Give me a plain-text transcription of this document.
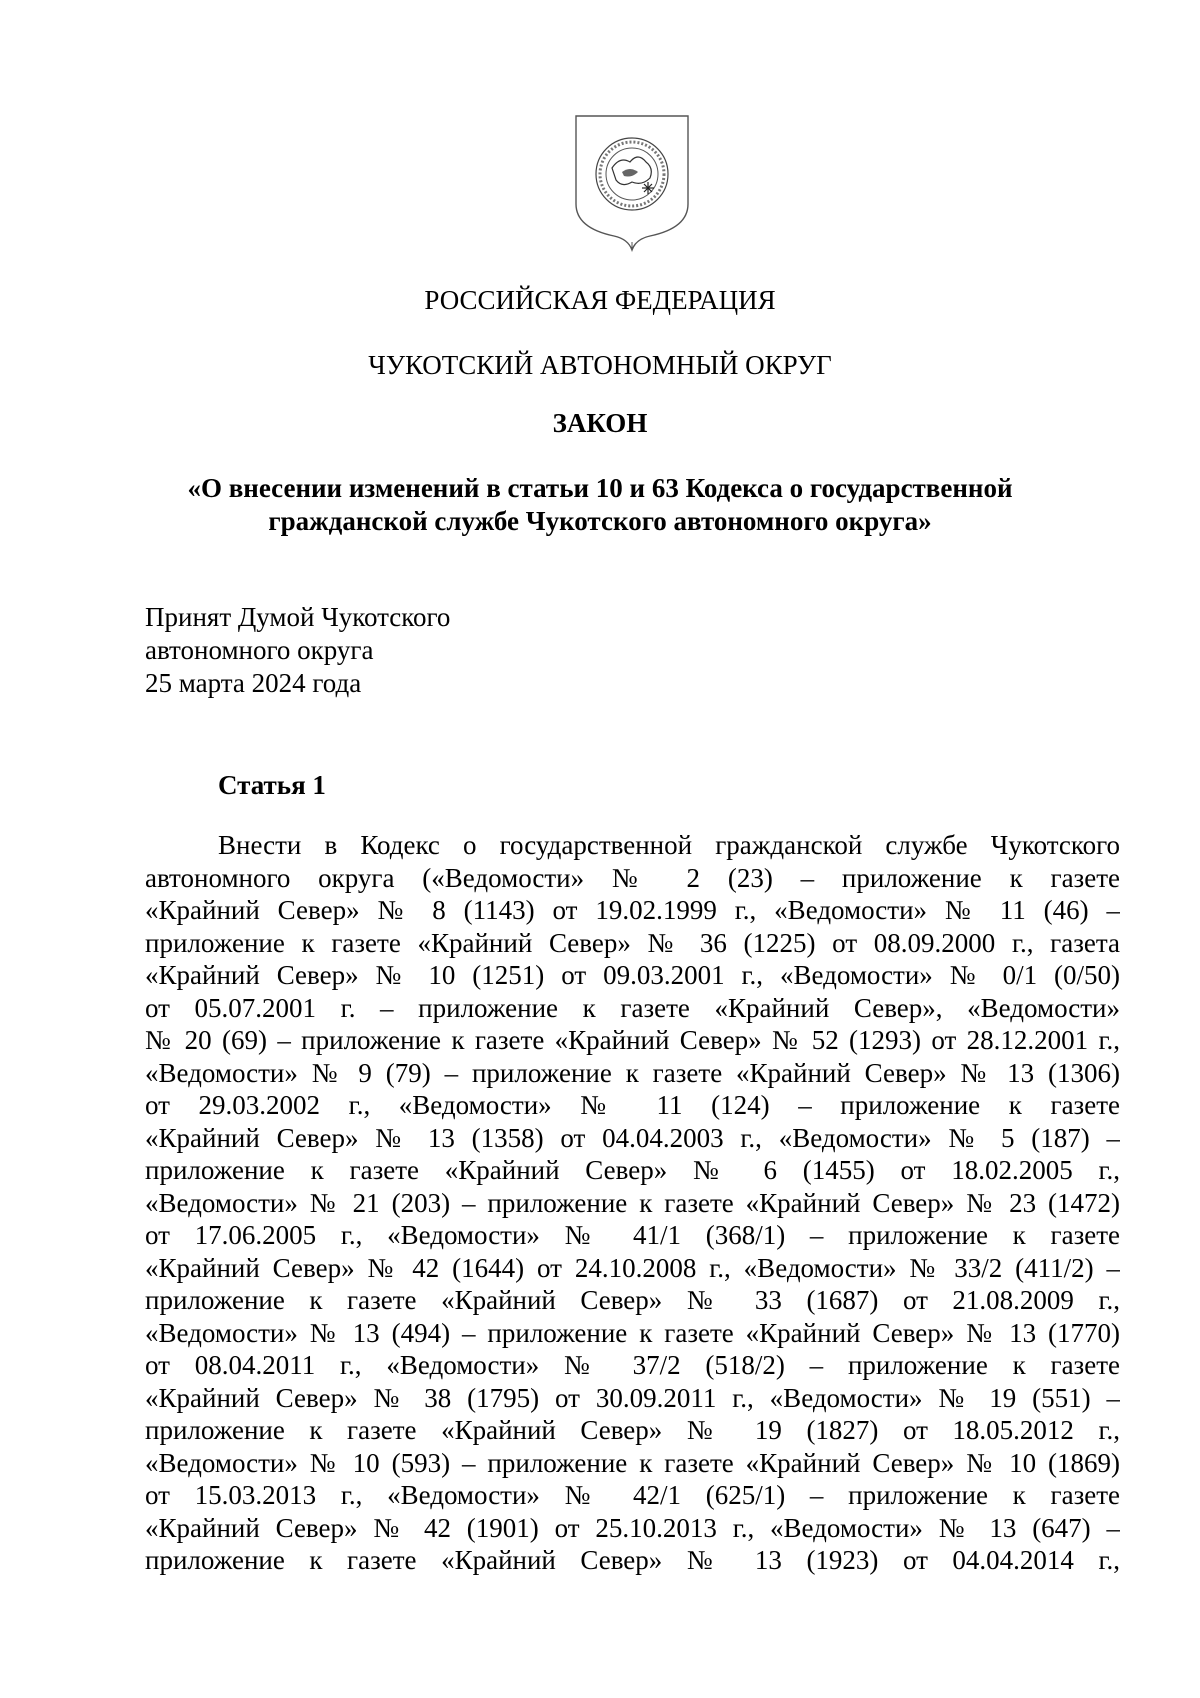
РОССИЙСКАЯ ФЕДЕРАЦИЯ
ЧУКОТСКИЙ АВТОНОМНЫЙ ОКРУГ
ЗАКОН
«О внесении изменений в статьи 10 и 63 Кодекса о государственной
гражданской службе Чукотского автономного округа»
Принят Думой Чукотского
автономного округа
25 марта 2024 года
Статья 1
Внести в Кодекс о государственной гражданской службе Чукотского
автономного округа («Ведомости» № 2 (23) – приложение к газете
«Крайний Север» № 8 (1143) от 19.02.1999 г., «Ведомости» № 11 (46) –
приложение к газете «Крайний Север» № 36 (1225) от 08.09.2000 г., газета
«Крайний Север» № 10 (1251) от 09.03.2001 г., «Ведомости» № 0/1 (0/50)
от 05.07.2001 г. – приложение к газете «Крайний Север», «Ведомости»
№ 20 (69) – приложение к газете «Крайний Север» № 52 (1293) от 28.12.2001 г.,
«Ведомости» № 9 (79) – приложение к газете «Крайний Север» № 13 (1306)
от 29.03.2002 г., «Ведомости» № 11 (124) – приложение к газете
«Крайний Север» № 13 (1358) от 04.04.2003 г., «Ведомости» № 5 (187) –
приложение к газете «Крайний Север» № 6 (1455) от 18.02.2005 г.,
«Ведомости» № 21 (203) – приложение к газете «Крайний Север» № 23 (1472)
от 17.06.2005 г., «Ведомости» № 41/1 (368/1) – приложение к газете
«Крайний Север» № 42 (1644) от 24.10.2008 г., «Ведомости» № 33/2 (411/2) –
приложение к газете «Крайний Север» № 33 (1687) от 21.08.2009 г.,
«Ведомости» № 13 (494) – приложение к газете «Крайний Север» № 13 (1770)
от 08.04.2011 г., «Ведомости» № 37/2 (518/2) – приложение к газете
«Крайний Север» № 38 (1795) от 30.09.2011 г., «Ведомости» № 19 (551) –
приложение к газете «Крайний Север» № 19 (1827) от 18.05.2012 г.,
«Ведомости» № 10 (593) – приложение к газете «Крайний Север» № 10 (1869)
от 15.03.2013 г., «Ведомости» № 42/1 (625/1) – приложение к газете
«Крайний Север» № 42 (1901) от 25.10.2013 г., «Ведомости» № 13 (647) –
приложение к газете «Крайний Север» № 13 (1923) от 04.04.2014 г.,
